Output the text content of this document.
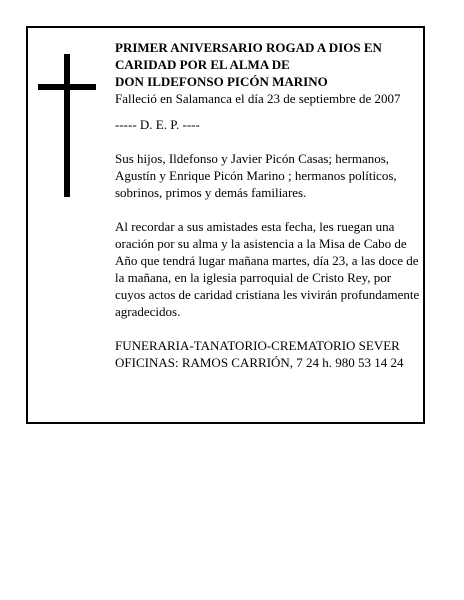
PRIMER ANIVERSARIO ROGAD A DIOS EN
CARIDAD POR EL ALMA DE
DON ILDEFONSO PICÓN MARINO
Falleció en Salamanca el día 23 de septiembre de 2007

----- D. E. P. ----

Sus hijos, Ildefonso y Javier Picón Casas; hermanos, Agustín y Enrique Picón Marino ; hermanos políticos, sobrinos, primos y demás familiares.

Al recordar a sus amistades esta fecha, les ruegan una oración por su alma y la asistencia a la Misa de Cabo de Año que tendrá lugar mañana martes, día 23, a las doce de la mañana, en la iglesia parroquial de Cristo Rey, por cuyos actos de caridad cristiana les vivirán profundamente agradecidos.

FUNERARIA-TANATORIO-CREMATORIO SEVER
OFICINAS: RAMOS CARRIÓN, 7 24 h. 980 53 14 24
